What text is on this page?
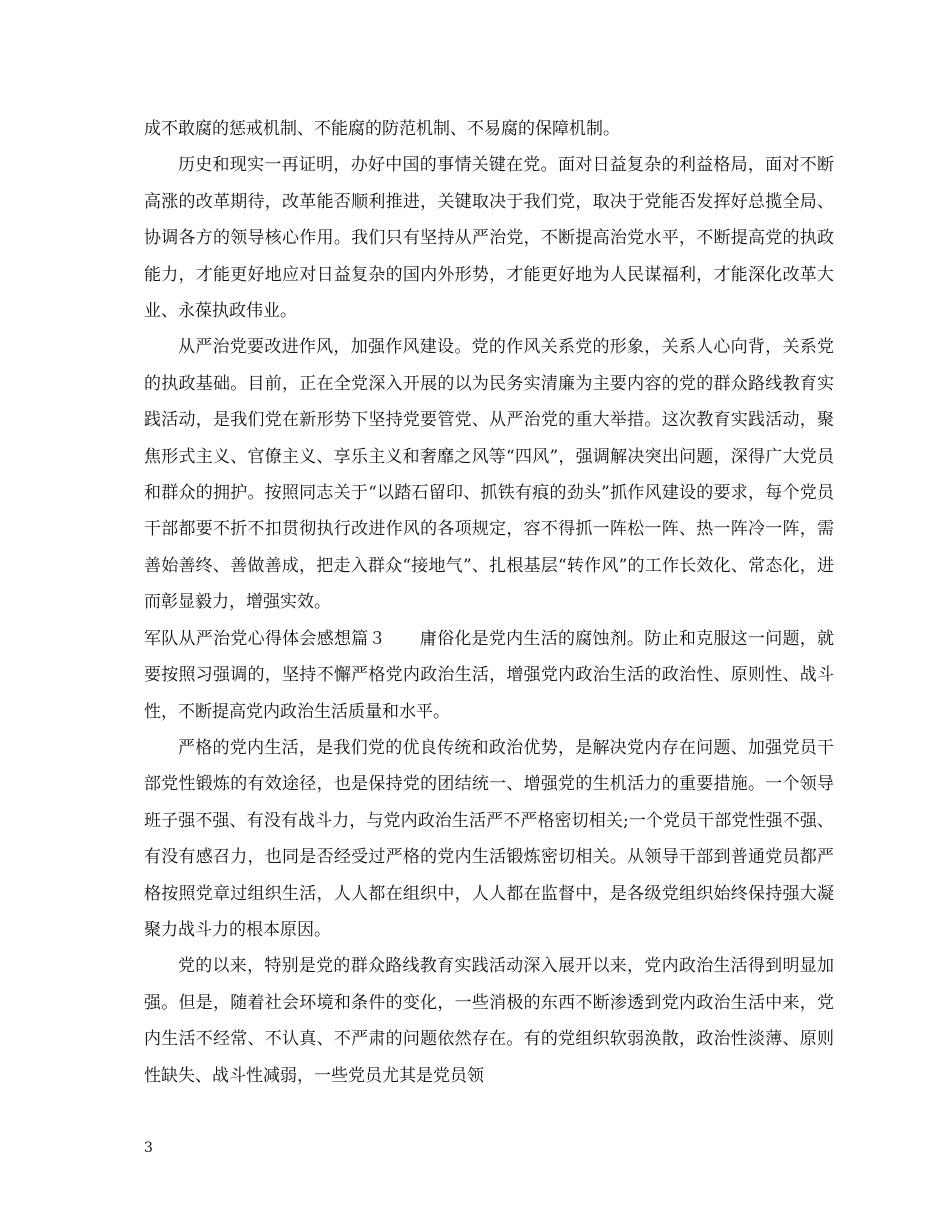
成不敢腐的惩戒机制、不能腐的防范机制、不易腐的保障机制。

历史和现实一再证明，办好中国的事情关键在党。面对日益复杂的利益格局，面对不断高涨的改革期待，改革能否顺利推进，关键取决于我们党，取决于党能否发挥好总揽全局、协调各方的领导核心作用。我们只有坚持从严治党，不断提高治党水平，不断提高党的执政能力，才能更好地应对日益复杂的国内外形势，才能更好地为人民谋福利，才能深化改革大业、永葆执政伟业。

从严治党要改进作风，加强作风建设。党的作风关系党的形象，关系人心向背，关系党的执政基础。目前，正在全党深入开展的以为民务实清廉为主要内容的党的群众路线教育实践活动，是我们党在新形势下坚持党要管党、从严治党的重大举措。这次教育实践活动，聚焦形式主义、官僚主义、享乐主义和奢靡之风等“四风”，强调解决突出问题，深得广大党员和群众的拥护。按照同志关于“以踏石留印、抓铁有痕的劲头”抓作风建设的要求，每个党员干部都要不折不扣贯彻执行改进作风的各项规定，容不得抓一阵松一阵、热一阵冷一阵，需善始善终、善做善成，把走入群众“接地气”、扎根基层“转作风”的工作长效化、常态化，进而彰显毅力，增强实效。

军队从严治党心得体会感想篇３ 庸俗化是党内生活的腐蚀剂。防止和克服这一问题，就要按照习强调的，坚持不懈严格党内政治生活，增强党内政治生活的政治性、原则性、战斗性，不断提高党内政治生活质量和水平。

严格的党内生活，是我们党的优良传统和政治优势，是解决党内存在问题、加强党员干部党性锻炼的有效途径，也是保持党的团结统一、增强党的生机活力的重要措施。一个领导班子强不强、有没有战斗力，与党内政治生活严不严格密切相关;一个党员干部党性强不强、有没有感召力，也同是否经受过严格的党内生活锻炼密切相关。从领导干部到普通党员都严格按照党章过组织生活，人人都在组织中，人人都在监督中，是各级党组织始终保持强大凝聚力战斗力的根本原因。

党的以来，特别是党的群众路线教育实践活动深入展开以来，党内政治生活得到明显加强。但是，随着社会环境和条件的变化，一些消极的东西不断渗透到党内政治生活中来，党内生活不经常、不认真、不严肃的问题依然存在。有的党组织软弱涣散，政治性淡薄、原则性缺失、战斗性减弱，一些党员尤其是党员领

3
